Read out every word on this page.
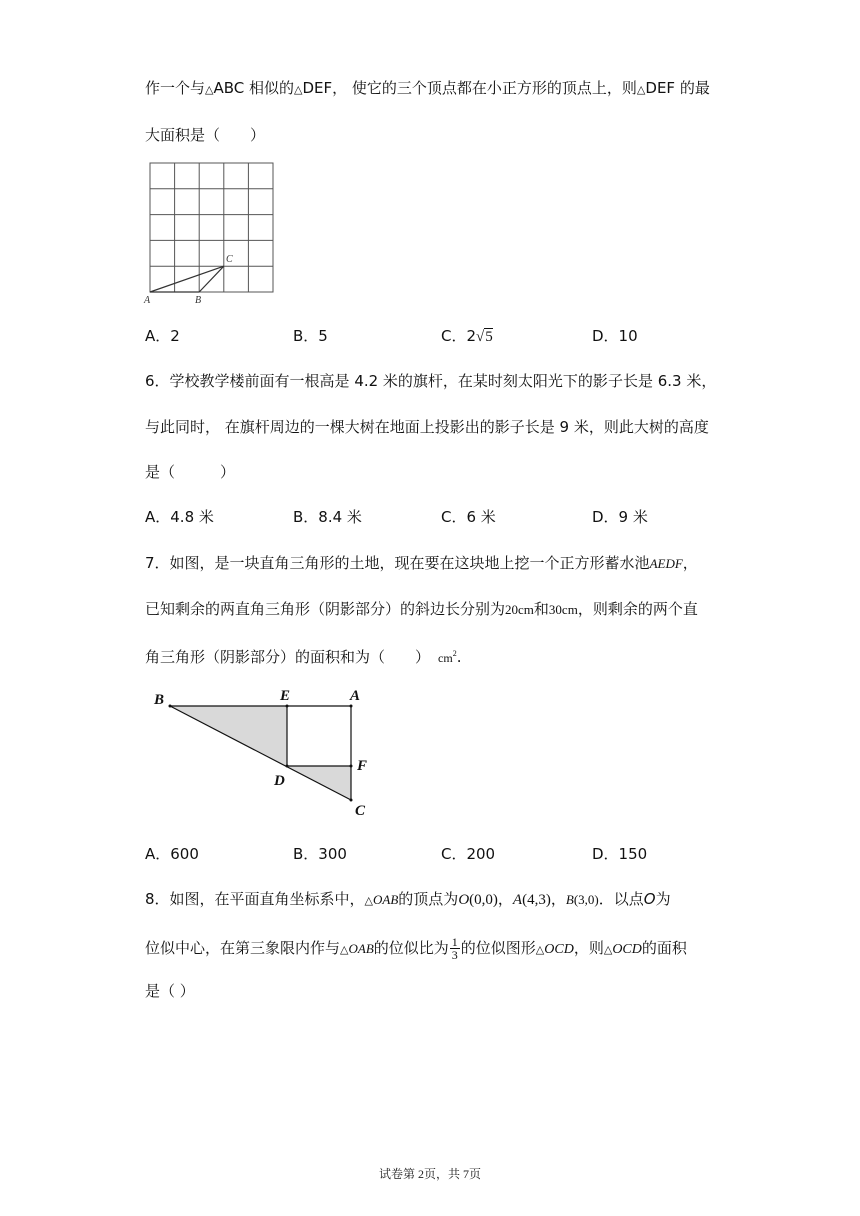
作一个与△ABC 相似的△DEF， 使它的三个顶点都在小正方形的顶点上，则△DEF 的最
大面积是（　　）
A	B
C
A．2	B．5	C．2√5	D．10
6．学校教学楼前面有一根高是 4.2 米的旗杆，在某时刻太阳光下的影子长是 6.3 米，
与此同时， 在旗杆周边的一棵大树在地面上投影出的影子长是 9 米，则此大树的高度
是（　　　）
A．4.8 米	B．8.4 米	C．6 米	D．9 米
7．如图，是一块直角三角形的土地，现在要在这块地上挖一个正方形蓄水池AEDF，
已知剩余的两直角三角形（阴影部分）的斜边长分别为20cm和30cm，则剩余的两个直
角三角形（阴影部分）的面积和为（　　） $cm^2$.
B	E	A
D
F
C
A．600	B．300	C．200	D．150
8．如图，在平面直角坐标系中，△OAB的顶点为O(0,0)，A(4,3)，B(3,0)．以点O为
位似中心，在第三象限内作与△OAB的位似比为 $\frac{1}{3}$ 的位似图形△OCD，则△OCD的面积
是（ ）
试卷第 2页，共 7页
